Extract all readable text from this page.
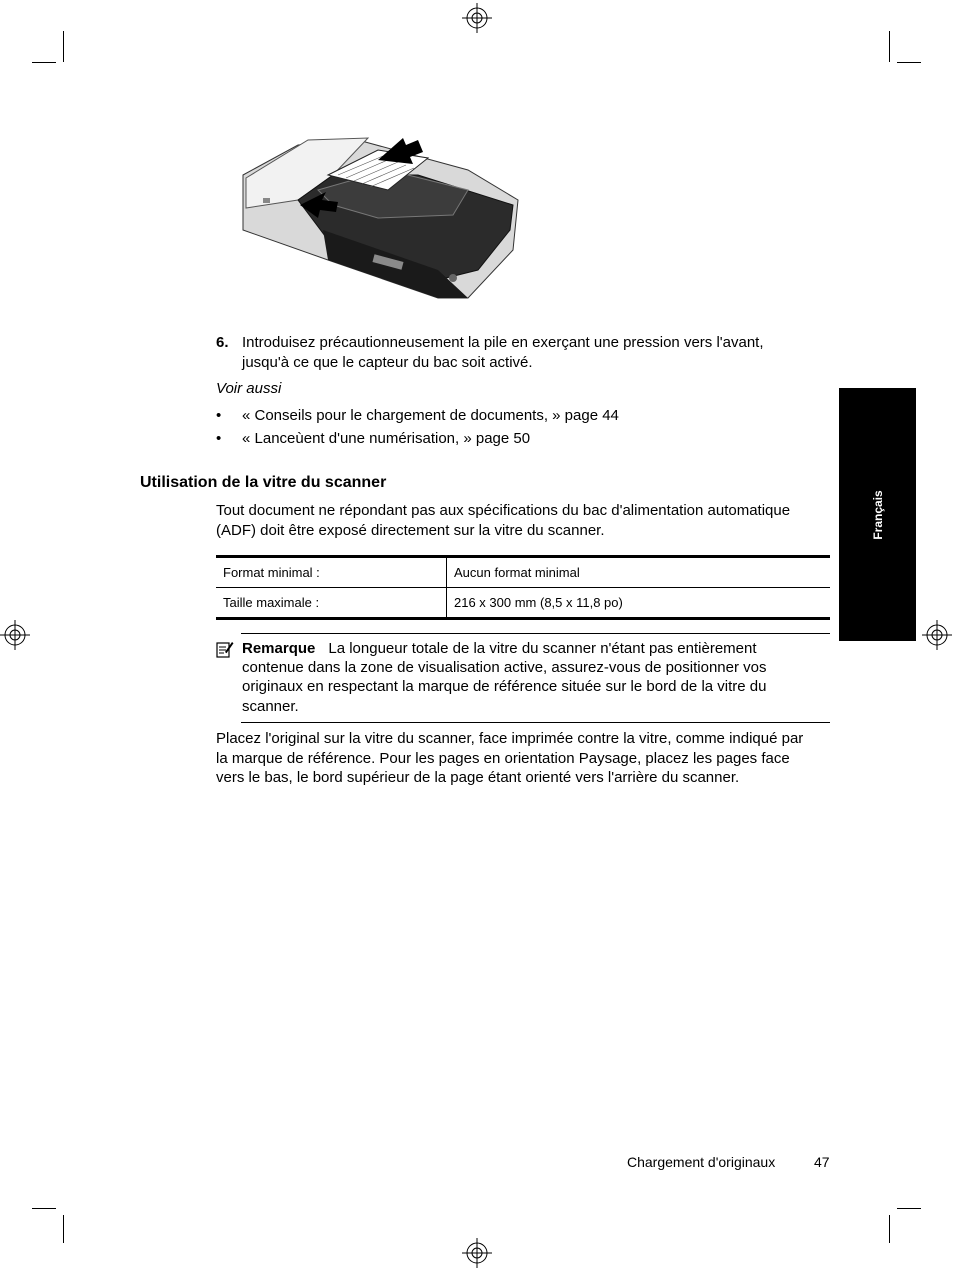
6. Introduisez précautionneusement la pile en exerçant une pression vers l'avant,
jusqu'à ce que le capteur du bac soit activé.
Voir aussi
• « Conseils pour le chargement de documents, » page 44
• « Lanceùent d'une numérisation, » page 50
Utilisation de la vitre du scanner
Tout document ne répondant pas aux spécifications du bac d'alimentation automatique
(ADF) doit être exposé directement sur la vitre du scanner.
Format minimal :	Aucun format minimal
Taille maximale :	216 x 300 mm (8,5 x 11,8 po)
Remarque La longueur totale de la vitre du scanner n'étant pas entièrement
contenue dans la zone de visualisation active, assurez-vous de positionner vos
originaux en respectant la marque de référence située sur le bord de la vitre du
scanner.
Placez l'original sur la vitre du scanner, face imprimée contre la vitre, comme indiqué par
la marque de référence. Pour les pages en orientation Paysage, placez les pages face
vers le bas, le bord supérieur de la page étant orienté vers l'arrière du scanner.
Français
Chargement d'originaux	47
